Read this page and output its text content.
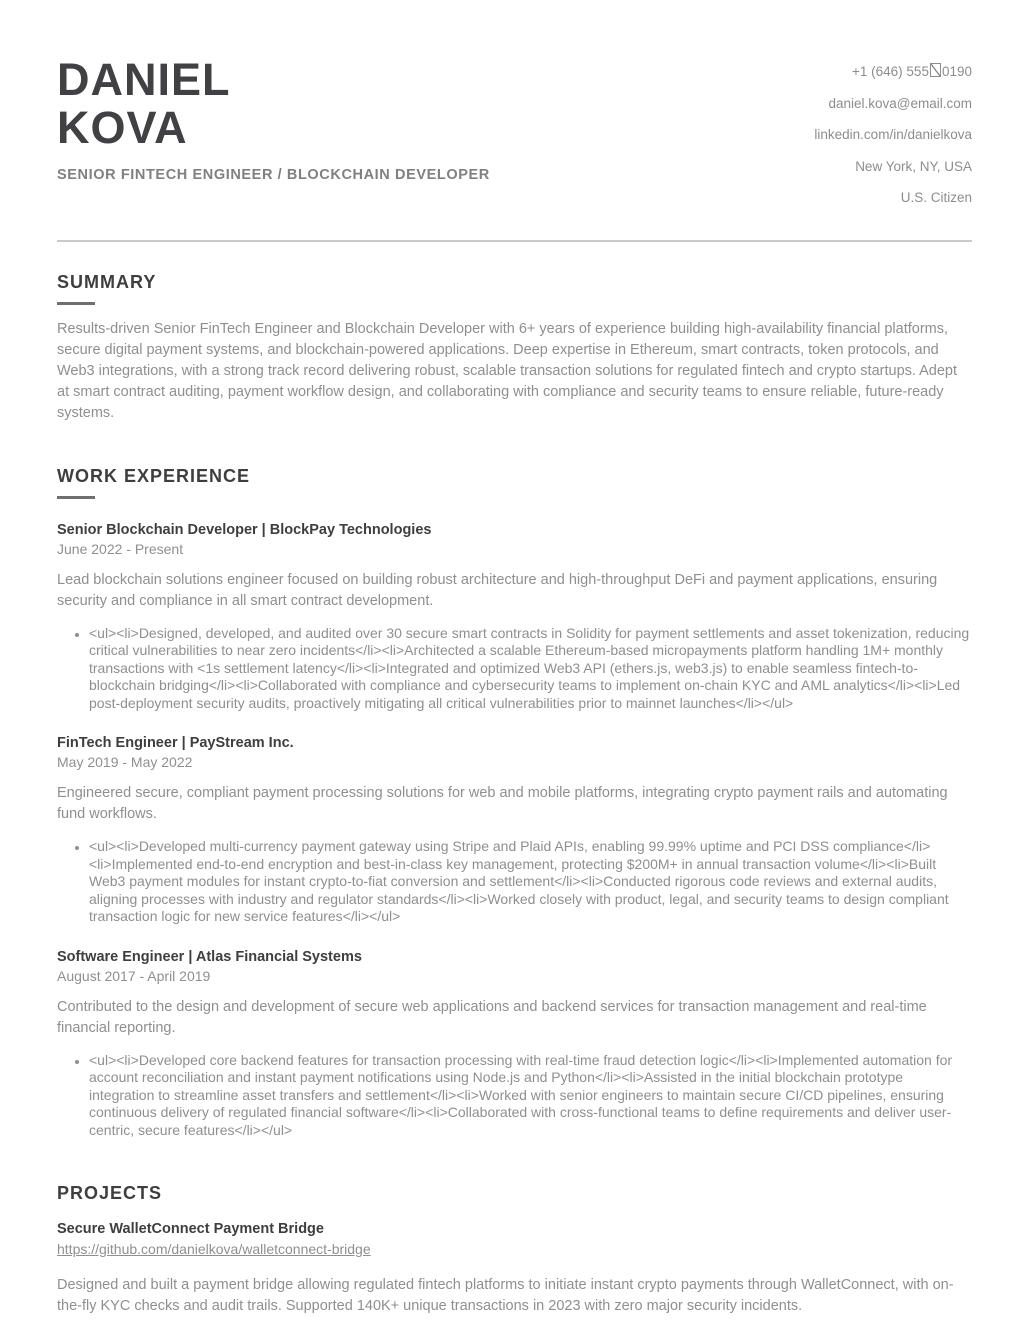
DANIEL
KOVA
SENIOR FINTECH ENGINEER / BLOCKCHAIN DEVELOPER
+1 (646) 555 0190
daniel.kova@email.com
linkedin.com/in/danielkova
New York, NY, USA
U.S. Citizen
SUMMARY

Results-driven Senior FinTech Engineer and Blockchain Developer with 6+ years of experience building high-availability financial platforms, secure digital payment systems, and blockchain-powered applications. Deep expertise in Ethereum, smart contracts, token protocols, and Web3 integrations, with a strong track record delivering robust, scalable transaction solutions for regulated fintech and crypto startups. Adept at smart contract auditing, payment workflow design, and collaborating with compliance and security teams to ensure reliable, future-ready systems.

WORK EXPERIENCE
Senior Blockchain Developer | BlockPay Technologies
June 2022 - Present

Lead blockchain solutions engineer focused on building robust architecture and high-throughput DeFi and payment applications, ensuring security and compliance in all smart contract development.

• <ul><li>Designed, developed, and audited over 30 secure smart contracts in Solidity for payment settlements and asset tokenization, reducing critical vulnerabilities to near zero incidents</li><li>Architected a scalable Ethereum-based micropayments platform handling 1M+ monthly transactions with <1s settlement latency</li><li>Integrated and optimized Web3 API (ethers.js, web3.js) to enable seamless fintech-to-blockchain bridging</li><li>Collaborated with compliance and cybersecurity teams to implement on-chain KYC and AML analytics</li><li>Led post-deployment security audits, proactively mitigating all critical vulnerabilities prior to mainnet launches</li></ul>
FinTech Engineer | PayStream Inc.
May 2019 - May 2022

Engineered secure, compliant payment processing solutions for web and mobile platforms, integrating crypto payment rails and automating fund workflows.

• <ul><li>Developed multi-currency payment gateway using Stripe and Plaid APIs, enabling 99.99% uptime and PCI DSS compliance</li><li>Implemented end-to-end encryption and best-in-class key management, protecting $200M+ in annual transaction volume</li><li>Built Web3 payment modules for instant crypto-to-fiat conversion and settlement</li><li>Conducted rigorous code reviews and external audits, aligning processes with industry and regulator standards</li><li>Worked closely with product, legal, and security teams to design compliant transaction logic for new service features</li></ul>
Software Engineer | Atlas Financial Systems
August 2017 - April 2019

Contributed to the design and development of secure web applications and backend services for transaction management and real-time financial reporting.

• <ul><li>Developed core backend features for transaction processing with real-time fraud detection logic</li><li>Implemented automation for account reconciliation and instant payment notifications using Node.js and Python</li><li>Assisted in the initial blockchain prototype integration to streamline asset transfers and settlement</li><li>Worked with senior engineers to maintain secure CI/CD pipelines, ensuring continuous delivery of regulated financial software</li><li>Collaborated with cross-functional teams to define requirements and deliver user-centric, secure features</li></ul>
PROJECTS
Secure WalletConnect Payment Bridge
https://github.com/danielkova/walletconnect-bridge

Designed and built a payment bridge allowing regulated fintech platforms to initiate instant crypto payments through WalletConnect, with on-the-fly KYC checks and audit trails. Supported 140K+ unique transactions in 2023 with zero major security incidents.
